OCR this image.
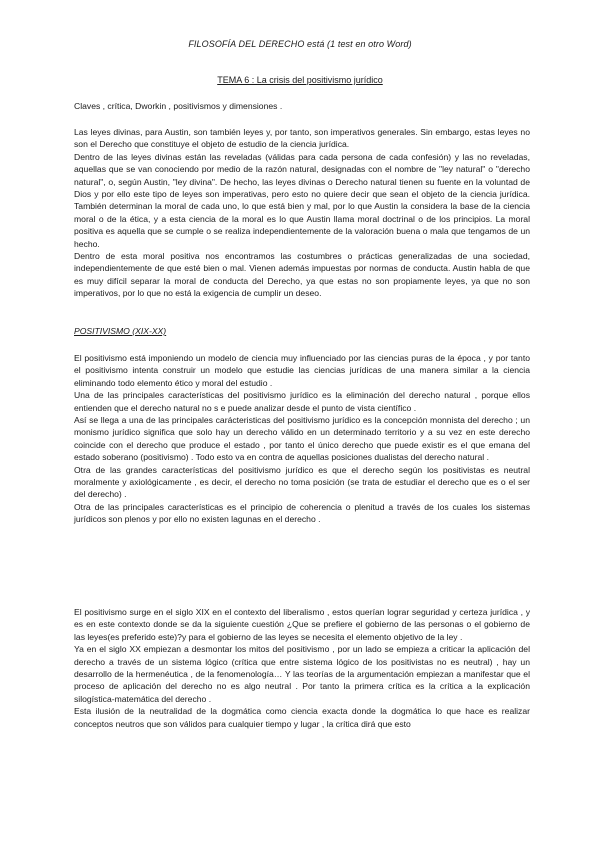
FILOSOFÍA DEL DERECHO está (1 test en otro Word)
TEMA 6 : La crisis del positivismo jurídico
Claves , crítica, Dworkin , positivismos y dimensiones .

Las leyes divinas, para Austin, son también leyes y, por tanto, son imperativos generales. Sin embargo, estas leyes no son el Derecho que constituye el objeto de estudio de la ciencia jurídica.

Dentro de las leyes divinas están las reveladas (válidas para cada persona de cada confesión) y las no reveladas, aquellas que se van conociendo por medio de la razón natural, designadas con el nombre de "ley natural" o "derecho natural", o, según Austin, "ley divina". De hecho, las leyes divinas o Derecho natural tienen su fuente en la voluntad de Dios y por ello este tipo de leyes son imperativas, pero esto no quiere decir que sean el objeto de la ciencia jurídica. También determinan la moral de cada uno, lo que está bien y mal, por lo que Austin la considera la base de la ciencia moral o de la ética, y a esta ciencia de la moral es lo que Austin llama moral doctrinal o de los principios. La moral positiva es aquella que se cumple o se realiza independientemente de la valoración buena o mala que tengamos de un hecho.

Dentro de esta moral positiva nos encontramos las costumbres o prácticas generalizadas de una sociedad, independientemente de que esté bien o mal. Vienen además impuestas por normas de conducta. Austin habla de que es muy difícil separar la moral de conducta del Derecho, ya que estas no son propiamente leyes, ya que no son imperativos, por lo que no está la exigencia de cumplir un deseo.

POSITIVISMO (XIX-XX)

El positivismo está imponiendo un modelo de ciencia muy influenciado por las ciencias puras de la época , y por tanto el positivismo intenta construir un modelo que estudie las ciencias jurídicas de una manera similar a la ciencia eliminando todo elemento ético y moral del estudio .

Una de las principales características del positivismo jurídico es la eliminación del derecho natural , porque ellos entienden que el derecho natural no s e puede analizar desde el punto de vista científico .

Así se llega a una de las principales carácteristicas del positivismo jurídico es la concepción monnista del derecho ; un monismo jurídico significa que solo hay un derecho válido en un determinado territorio y a su vez en este derecho coincide con el derecho que produce el estado , por tanto el único derecho que puede existir es el que emana del estado soberano (positivismo) . Todo esto va en contra de aquellas posiciones dualistas del derecho natural .

Otra de las grandes características del positivismo jurídico es que el derecho según los positivistas es neutral moralmente y axiológicamente , es decir, el derecho no toma posición (se trata de estudiar el derecho que es o el ser del derecho) .

Otra de las principales características es el principio de coherencia o plenitud a través de los cuales los sistemas jurídicos son plenos y por ello no existen lagunas en el derecho .

El positivismo surge en el siglo XIX en el contexto del liberalismo , estos querían lograr seguridad y certeza jurídica , y es en este contexto donde se da la siguiente cuestión ¿Que se prefiere el gobierno de las personas o el gobierno de las leyes(es preferido este)?y para el gobierno de las leyes se necesita el elemento objetivo de la ley .

Ya en el siglo XX empiezan a desmontar los mitos del positivismo , por un lado se empieza a criticar la aplicación del derecho a través de un sistema lógico (crítica que entre sistema lógico de los positivistas no es neutral) , hay un desarrollo de la hermenéutica , de la fenomenología… Y las teorías de la argumentación empiezan a manifestar que el proceso de aplicación del derecho no es algo neutral . Por tanto la primera crítica es la crítica a la explicación silogística-matemática del derecho .

Esta ilusión de la neutralidad de la dogmática como ciencia exacta donde la dogmática lo que hace es realizar conceptos neutros que son válidos para cualquier tiempo y lugar , la crítica dirá que esto
